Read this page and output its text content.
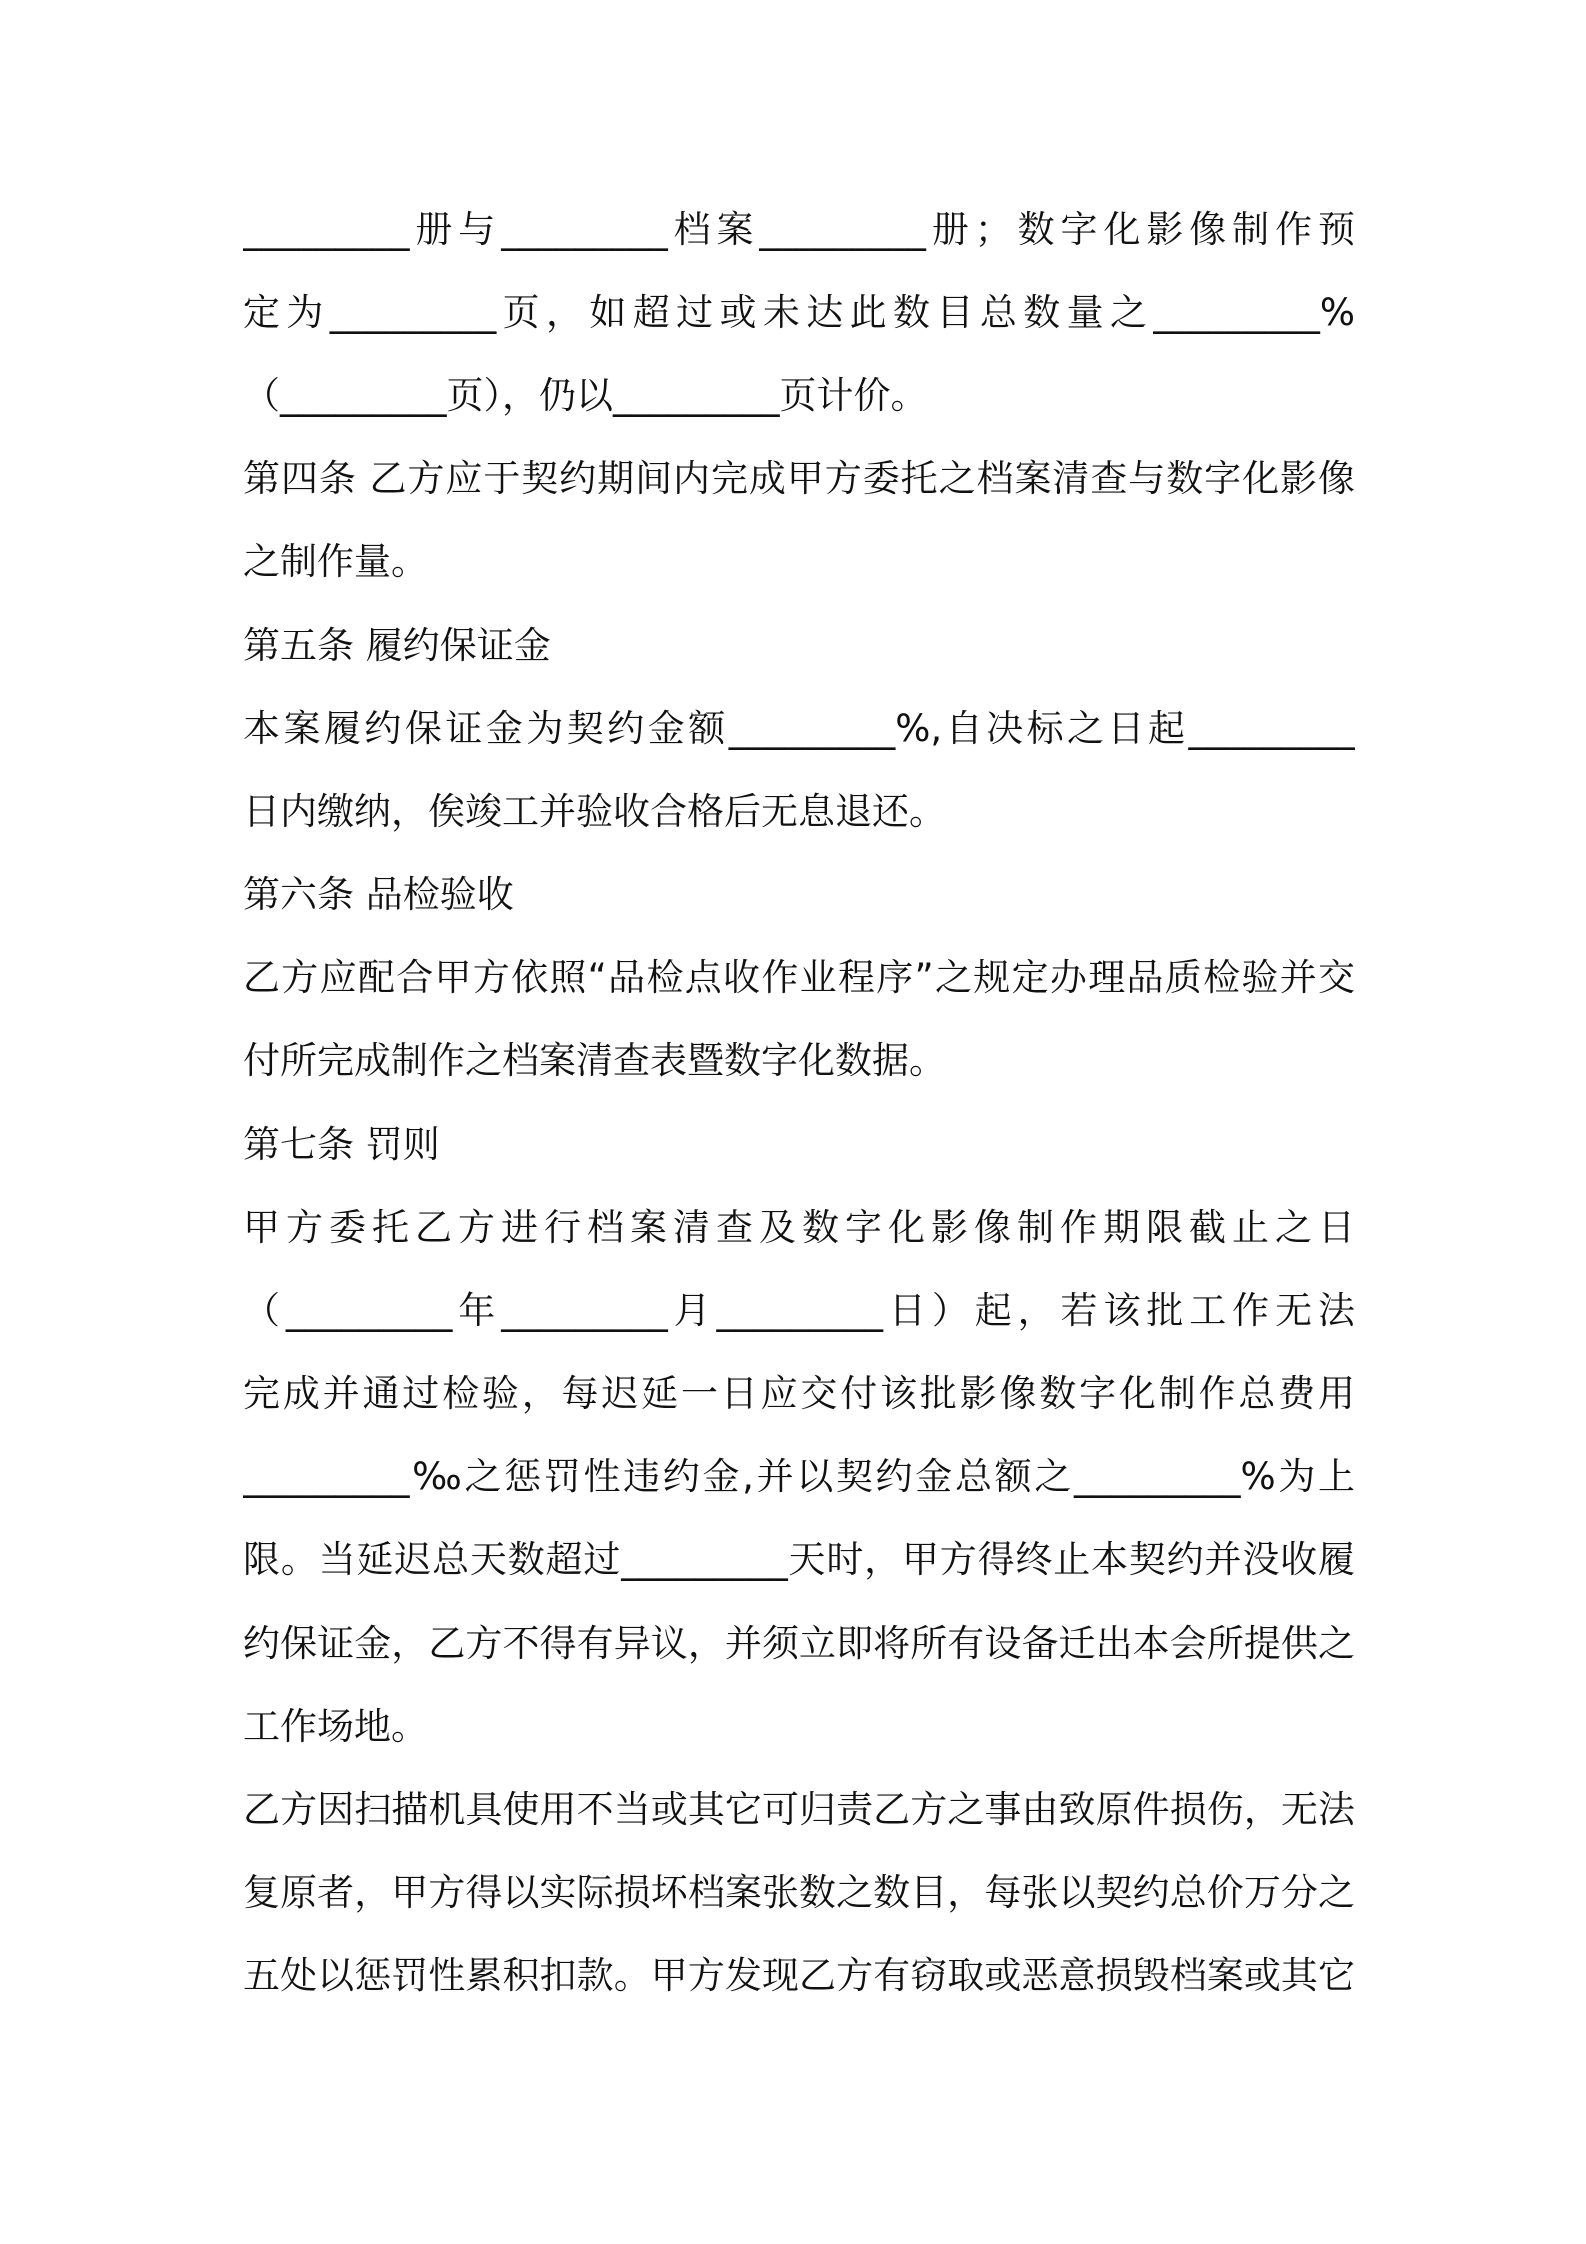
_________册与_________档案_________册；数字化影像制作预
定为_________页，如超过或未达此数目总数量之_________%
（_________页），仍以_________页计价。
第四条 乙方应于契约期间内完成甲方委托之档案清查与数字化影像
之制作量。
第五条 履约保证金
本案履约保证金为契约金额_________%,自决标之日起_________
日内缴纳，俟竣工并验收合格后无息退还。
第六条 品检验收
乙方应配合甲方依照“品检点收作业程序”之规定办理品质检验并交
付所完成制作之档案清查表暨数字化数据。
第七条 罚则
甲方委托乙方进行档案清查及数字化影像制作期限截止之日
（_________年_________月_________日）起，若该批工作无法
完成并通过检验，每迟延一日应交付该批影像数字化制作总费用
_________‰之惩罚性违约金,并以契约金总额之_________%为上
限。当延迟总天数超过_________天时，甲方得终止本契约并没收履
约保证金，乙方不得有异议，并须立即将所有设备迁出本会所提供之
工作场地。
乙方因扫描机具使用不当或其它可归责乙方之事由致原件损伤，无法
复原者，甲方得以实际损坏档案张数之数目，每张以契约总价万分之
五处以惩罚性累积扣款。甲方发现乙方有窃取或恶意损毁档案或其它
